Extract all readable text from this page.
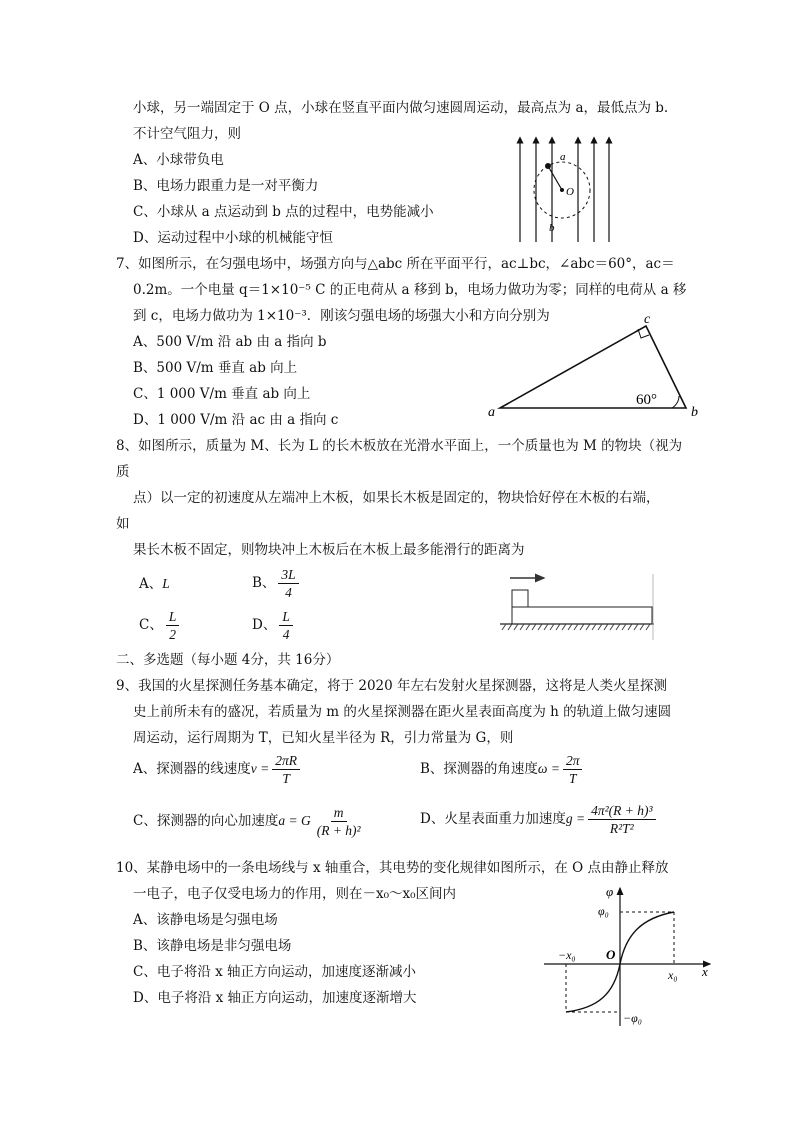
小球，另一端固定于 O 点，小球在竖直平面内做匀速圆周运动，最高点为 a，最低点为 b.
不计空气阻力，则
A、小球带负电
B、电场力跟重力是一对平衡力
C、小球从 a 点运动到 b 点的过程中，电势能减小
D、运动过程中小球的机械能守恒
a
O
b
7、如图所示，在匀强电场中，场强方向与△abc 所在平面平行，ac⊥bc，∠abc＝60°，ac＝
0.2m。一个电量 q＝1×10⁻⁵ C 的正电荷从 a 移到 b，电场力做功为零；同样的电荷从 a 移
到 c，电场力做功为 1×10⁻³．刚该匀强电场的场强大小和方向分别为
A、500 V/m 沿 ab 由 a 指向 b
B、500 V/m 垂直 ab 向上
C、1 000 V/m 垂直 ab 向上
D、1 000 V/m 沿 ac 由 a 指向 c	a	b
c
60°
8、如图所示，质量为 M、长为 L 的长木板放在光滑水平面上，一个质量也为 M 的物块（视为
质
点）以一定的初速度从左端冲上木板，如果长木板是固定的，物块恰好停在木板的右端，
如
果长木板不固定，则物块冲上木板后在木板上最多能滑行的距离为
A、L	B、 $\frac{3L}{4}$
C、 $\frac{L}{2}$	D、 $\frac{L}{4}$
二、多选题（每小题 4分，共 16分）
9、我国的火星探测任务基本确定，将于 2020 年左右发射火星探测器，这将是人类火星探测
史上前所未有的盛况，若质量为 m 的火星探测器在距火星表面高度为 h 的轨道上做匀速圆
周运动，运行周期为 T，已知火星半径为 R，引力常量为 G，则
A、探测器的线速度$v = \frac{2\pi R}{T}$	B、探测器的角速度$\omega = \frac{2\pi}{T}$
C、探测器的向心加速度a = G $\frac{m}{\text{(R + h)²}}$	D、火星表面重力加速度$g = \frac{\text{4π²(R + h)³}}{\text{R²T²}}$
10、某静电场中的一条电场线与 x 轴重合，其电势的变化规律如图所示，在 O 点由静止释放
一电子，电子仅受电场力的作用，则在－x₀～x₀区间内
A、该静电场是匀强电场
B、该静电场是非匀强电场
C、电子将沿 x 轴正方向运动，加速度逐渐减小
D、电子将沿 x 轴正方向运动，加速度逐渐增大
φ
φ₀
−φ₀
O
x₀
−x₀
x
